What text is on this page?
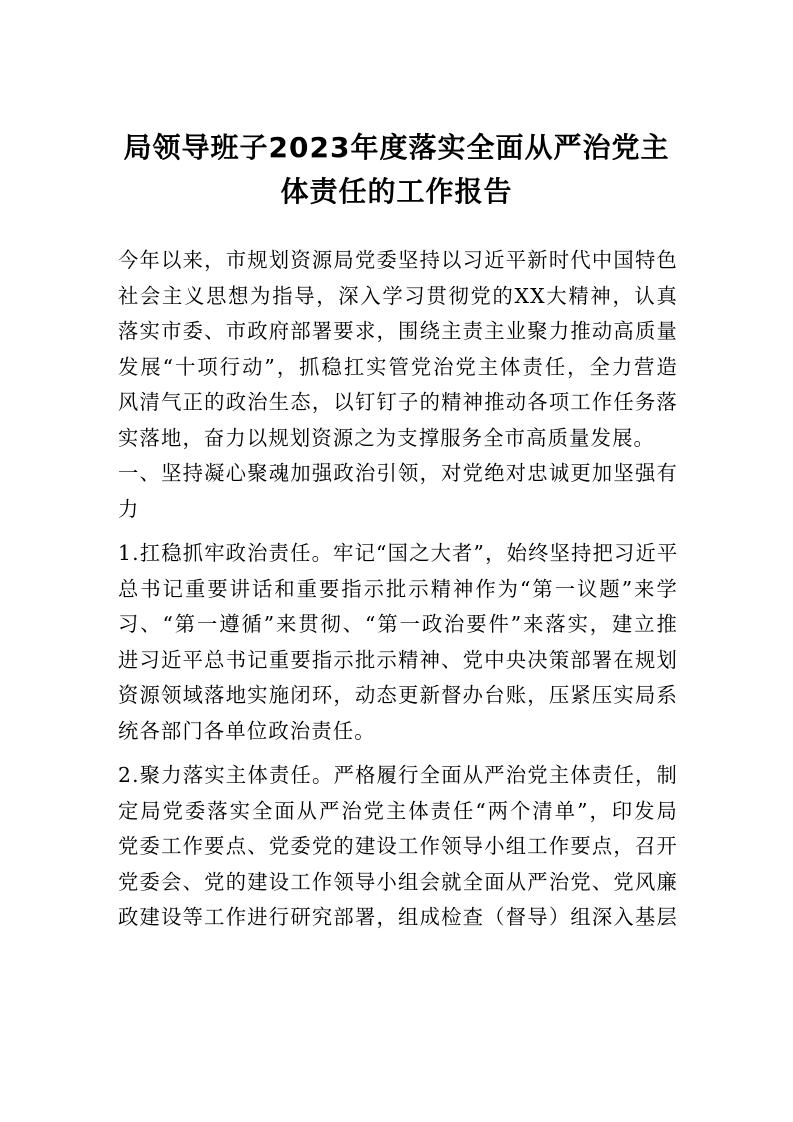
局领导班子2023年度落实全面从严治党主
体责任的工作报告

今年以来，市规划资源局党委坚持以习近平新时代中国特色
社会主义思想为指导，深入学习贯彻党的XX大精神，认真
落实市委、市政府部署要求，围绕主责主业聚力推动高质量
发展“十项行动”，抓稳扛实管党治党主体责任，全力营造
风清气正的政治生态，以钉钉子的精神推动各项工作任务落
实落地，奋力以规划资源之为支撑服务全市高质量发展。

一、坚持凝心聚魂加强政治引领，对党绝对忠诚更加坚强有
力

1.扛稳抓牢政治责任。牢记“国之大者”，始终坚持把习近平
总书记重要讲话和重要指示批示精神作为“第一议题”来学
习、“第一遵循”来贯彻、“第一政治要件”来落实，建立推
进习近平总书记重要指示批示精神、党中央决策部署在规划
资源领域落地实施闭环，动态更新督办台账，压紧压实局系
统各部门各单位政治责任。

2.聚力落实主体责任。严格履行全面从严治党主体责任，制
定局党委落实全面从严治党主体责任“两个清单”，印发局
党委工作要点、党委党的建设工作领导小组工作要点，召开
党委会、党的建设工作领导小组会就全面从严治党、党风廉
政建设等工作进行研究部署，组成检查（督导）组深入基层
